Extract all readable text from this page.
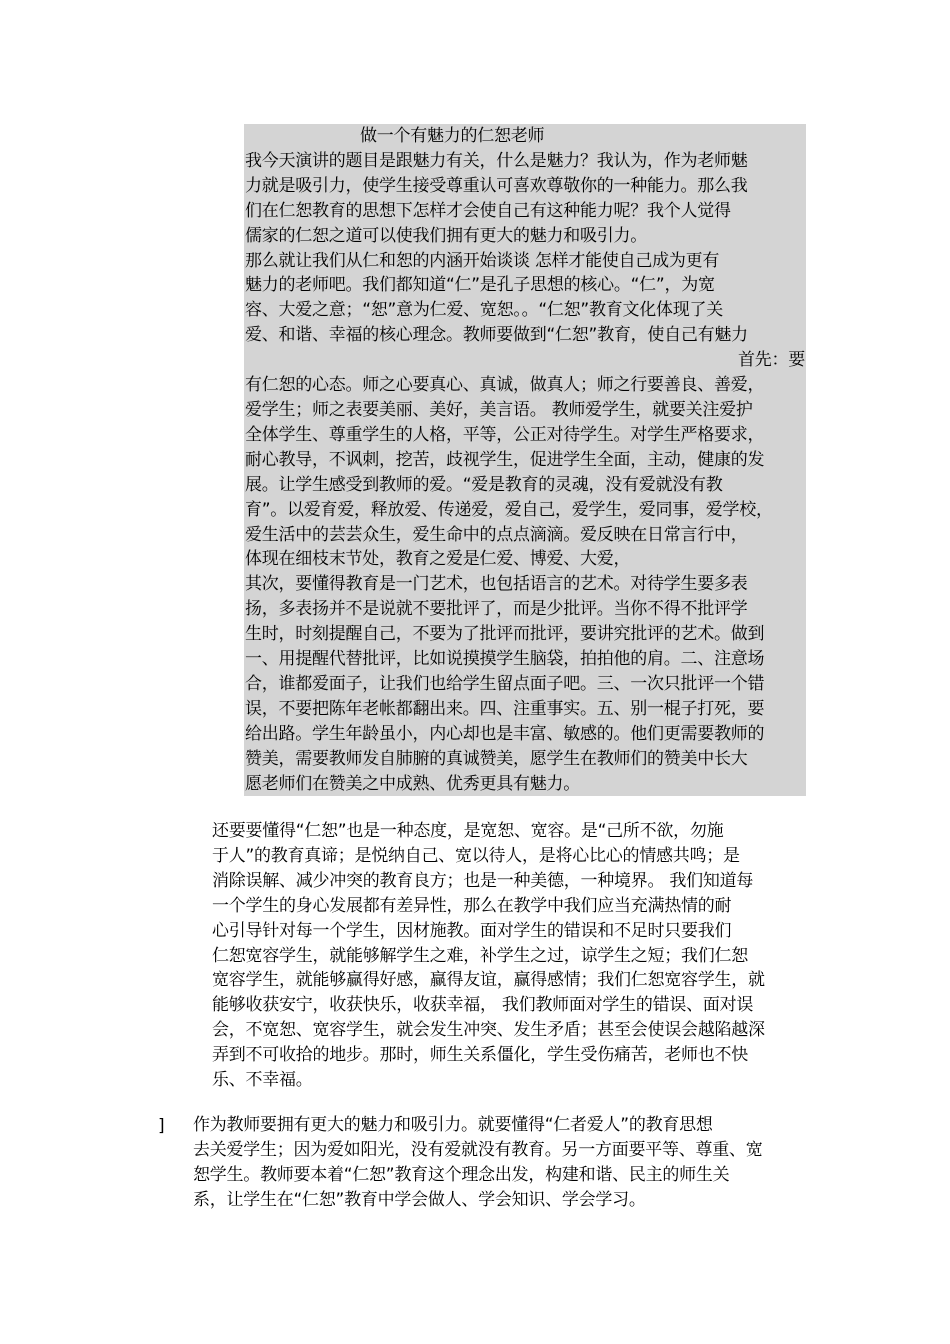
做一个有魅力的仁恕老师
我今天演讲的题目是跟魅力有关，什么是魅力？我认为，作为老师魅
力就是吸引力，使学生接受尊重认可喜欢尊敬你的一种能力。那么我
们在仁恕教育的思想下怎样才会使自己有这种能力呢？我个人觉得
儒家的仁恕之道可以使我们拥有更大的魅力和吸引力。
那么就让我们从仁和恕的内涵开始谈谈 怎样才能使自己成为更有
魅力的老师吧。我们都知道“仁”是孔子思想的核心。“仁”，为宽
容、大爱之意；“恕”意为仁爱、宽恕。。“仁恕”教育文化体现了关
爱、和谐、幸福的核心理念。教师要做到“仁恕”教育，使自己有魅力
首先：要
有仁恕的心态。师之心要真心、真诚，做真人；师之行要善良、善爱，
爱学生；师之表要美丽、美好，美言语。 教师爱学生，就要关注爱护
全体学生、尊重学生的人格，平等，公正对待学生。对学生严格要求，
耐心教导，不讽刺，挖苦，歧视学生，促进学生全面，主动，健康的发
展。让学生感受到教师的爱。“爱是教育的灵魂，没有爱就没有教
育”。以爱育爱，释放爱、传递爱，爱自己，爱学生，爱同事，爱学校，
爱生活中的芸芸众生，爱生命中的点点滴滴。爱反映在日常言行中，
体现在细枝末节处，教育之爱是仁爱、博爱、大爱，
其次，要懂得教育是一门艺术，也包括语言的艺术。对待学生要多表
扬，多表扬并不是说就不要批评了，而是少批评。当你不得不批评学
生时，时刻提醒自己，不要为了批评而批评，要讲究批评的艺术。做到
一、用提醒代替批评，比如说摸摸学生脑袋，拍拍他的肩。二、注意场
合，谁都爱面子，让我们也给学生留点面子吧。三、一次只批评一个错
误，不要把陈年老帐都翻出来。四、注重事实。五、别一棍子打死，要
给出路。学生年龄虽小，内心却也是丰富、敏感的。他们更需要教师的
赞美，需要教师发自肺腑的真诚赞美，愿学生在教师们的赞美中长大
愿老师们在赞美之中成熟、优秀更具有魅力。
还要要懂得“仁恕”也是一种态度，是宽恕、宽容。是“己所不欲，勿施
于人”的教育真谛；是悦纳自己、宽以待人，是将心比心的情感共鸣；是
消除误解、减少冲突的教育良方；也是一种美德，一种境界。 我们知道每
一个学生的身心发展都有差异性，那么在教学中我们应当充满热情的耐
心引导针对每一个学生，因材施教。面对学生的错误和不足时只要我们
仁恕宽容学生，就能够解学生之难，补学生之过，谅学生之短；我们仁恕
宽容学生，就能够赢得好感，赢得友谊，赢得感情；我们仁恕宽容学生，就
能够收获安宁，收获快乐，收获幸福， 我们教师面对学生的错误、面对误
会，不宽恕、宽容学生，就会发生冲突、发生矛盾；甚至会使误会越陷越深
弄到不可收拾的地步。那时，师生关系僵化，学生受伤痛苦，老师也不快
乐、不幸福。
] 作为教师要拥有更大的魅力和吸引力。就要懂得“仁者爱人”的教育思想
去关爱学生；因为爱如阳光，没有爱就没有教育。另一方面要平等、尊重、宽
恕学生。教师要本着“仁恕”教育这个理念出发，构建和谐、民主的师生关
系，让学生在“仁恕”教育中学会做人、学会知识、学会学习。
